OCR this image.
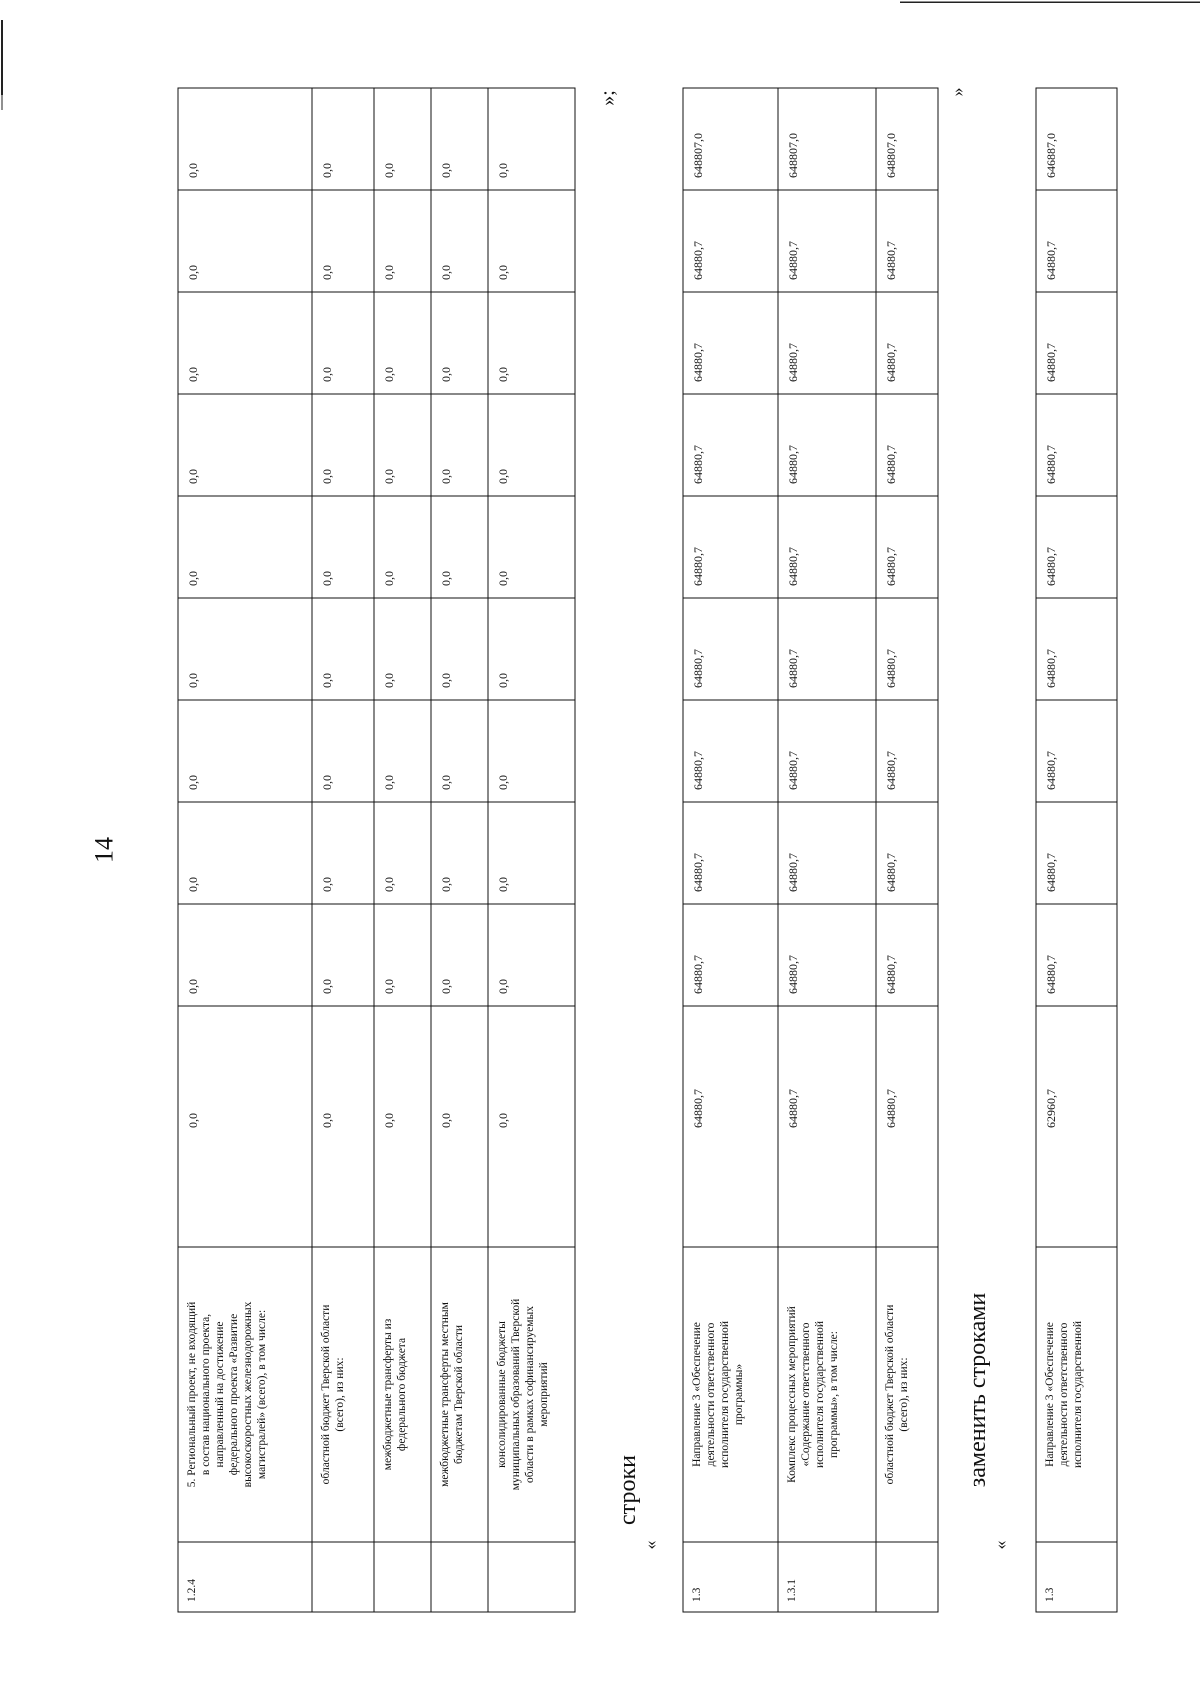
14
1.2.4
5. Региональный проект, не входящий в состав национального проекта, направленный на достижение федерального проекта «Развитие высокоскоростных железнодорожных магистралей» (всего), в том числе:
0,0
0,0
0,0
0,0
0,0
0,0
0,0
0,0
0,0
0,0
областной бюджет Тверской области (всего), из них:
0,0
0,0
0,0
0,0
0,0
0,0
0,0
0,0
0,0
0,0
межбюджетные трансферты из федерального бюджета
0,0
0,0
0,0
0,0
0,0
0,0
0,0
0,0
0,0
0,0
межбюджетные трансферты местным бюджетам Тверской области
0,0
0,0
0,0
0,0
0,0
0,0
0,0
0,0
0,0
0,0
консолидированные бюджеты муниципальных образований Тверской области в рамках софинансируемых мероприятий
0,0
0,0
0,0
0,0
0,0
0,0
0,0
0,0
0,0
0,0
»;
строки
«
1.3
Направление 3 «Обеспечение деятельности ответственного исполнителя государственной программы»
64880,7
64880,7
64880,7
64880,7
64880,7
64880,7
64880,7
64880,7
64880,7
648807,0
1.3.1
Комплекс процессных мероприятий «Содержание ответственного исполнителя государственной программы», в том числе:
64880,7
64880,7
64880,7
64880,7
64880,7
64880,7
64880,7
64880,7
64880,7
648807,0
областной бюджет Тверской области (всего), из них:
64880,7
64880,7
64880,7
64880,7
64880,7
64880,7
64880,7
64880,7
64880,7
648807,0
»
заменить строками
«
1.3
Направление 3 «Обеспечение деятельности ответственного исполнителя государственной
62960,7
64880,7
64880,7
64880,7
64880,7
64880,7
64880,7
64880,7
64880,7
646887,0
